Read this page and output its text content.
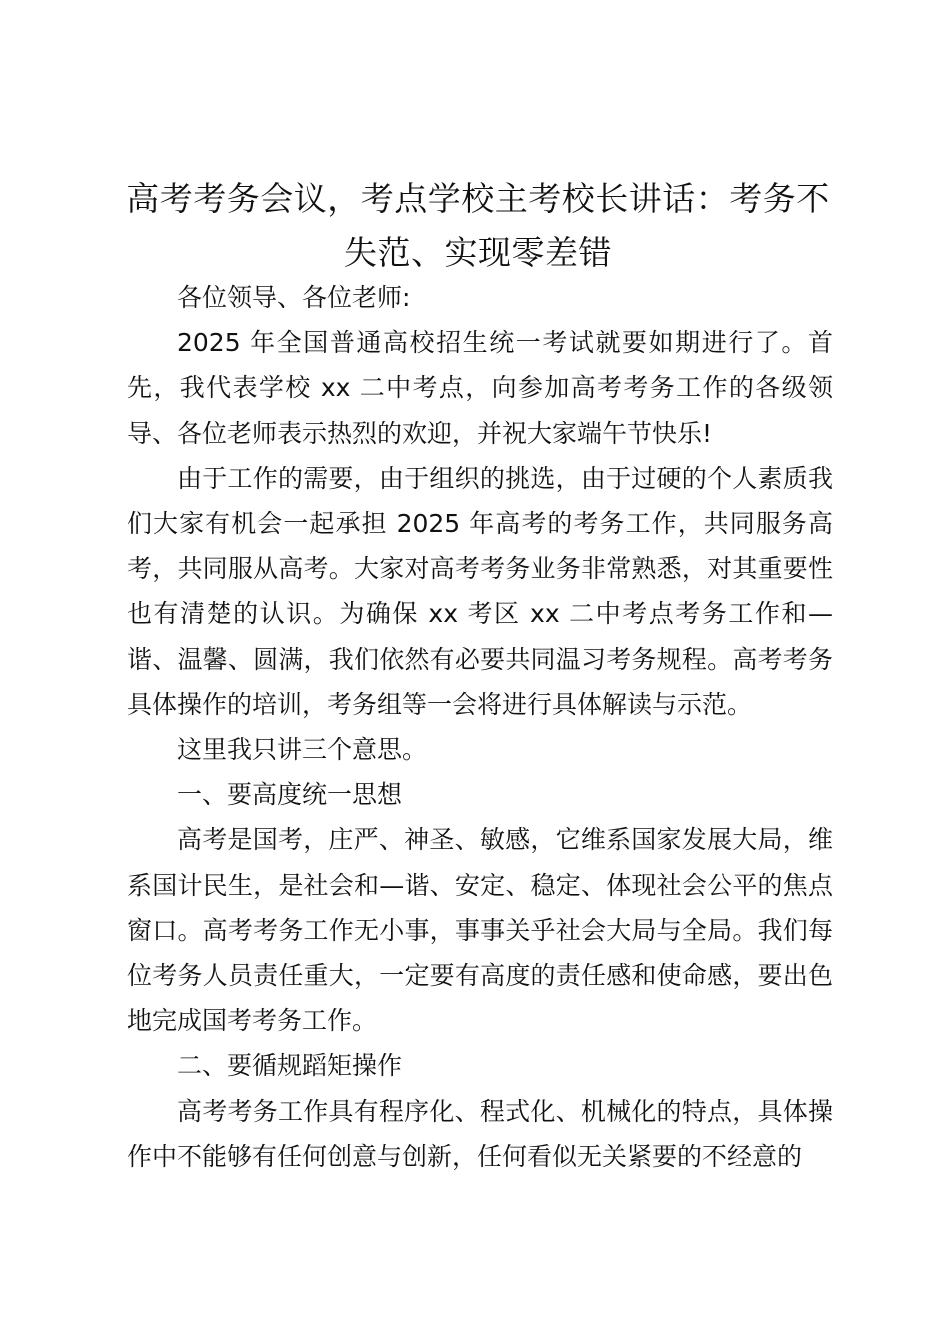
高考考务会议，考点学校主考校长讲话：考务不失范、实现零差错

各位领导、各位老师:

2025 年全国普通高校招生统一考试就要如期进行了。首先，我代表学校 xx 二中考点，向参加高考考务工作的各级领导、各位老师表示热烈的欢迎，并祝大家端午节快乐!

由于工作的需要，由于组织的挑选，由于过硬的个人素质我们大家有机会一起承担 2025 年高考的考务工作，共同服务高考，共同服从高考。大家对高考考务业务非常熟悉，对其重要性也有清楚的认识。为确保 xx 考区 xx 二中考点考务工作和—谐、温馨、圆满，我们依然有必要共同温习考务规程。高考考务具体操作的培训，考务组等一会将进行具体解读与示范。

这里我只讲三个意思。

一、要高度统一思想

高考是国考，庄严、神圣、敏感，它维系国家发展大局，维系国计民生，是社会和—谐、安定、稳定、体现社会公平的焦点窗口。高考考务工作无小事，事事关乎社会大局与全局。我们每位考务人员责任重大，一定要有高度的责任感和使命感，要出色地完成国考考务工作。

二、要循规蹈矩操作

高考考务工作具有程序化、程式化、机械化的特点，具体操作中不能够有任何创意与创新，任何看似无关紧要的不经意的
